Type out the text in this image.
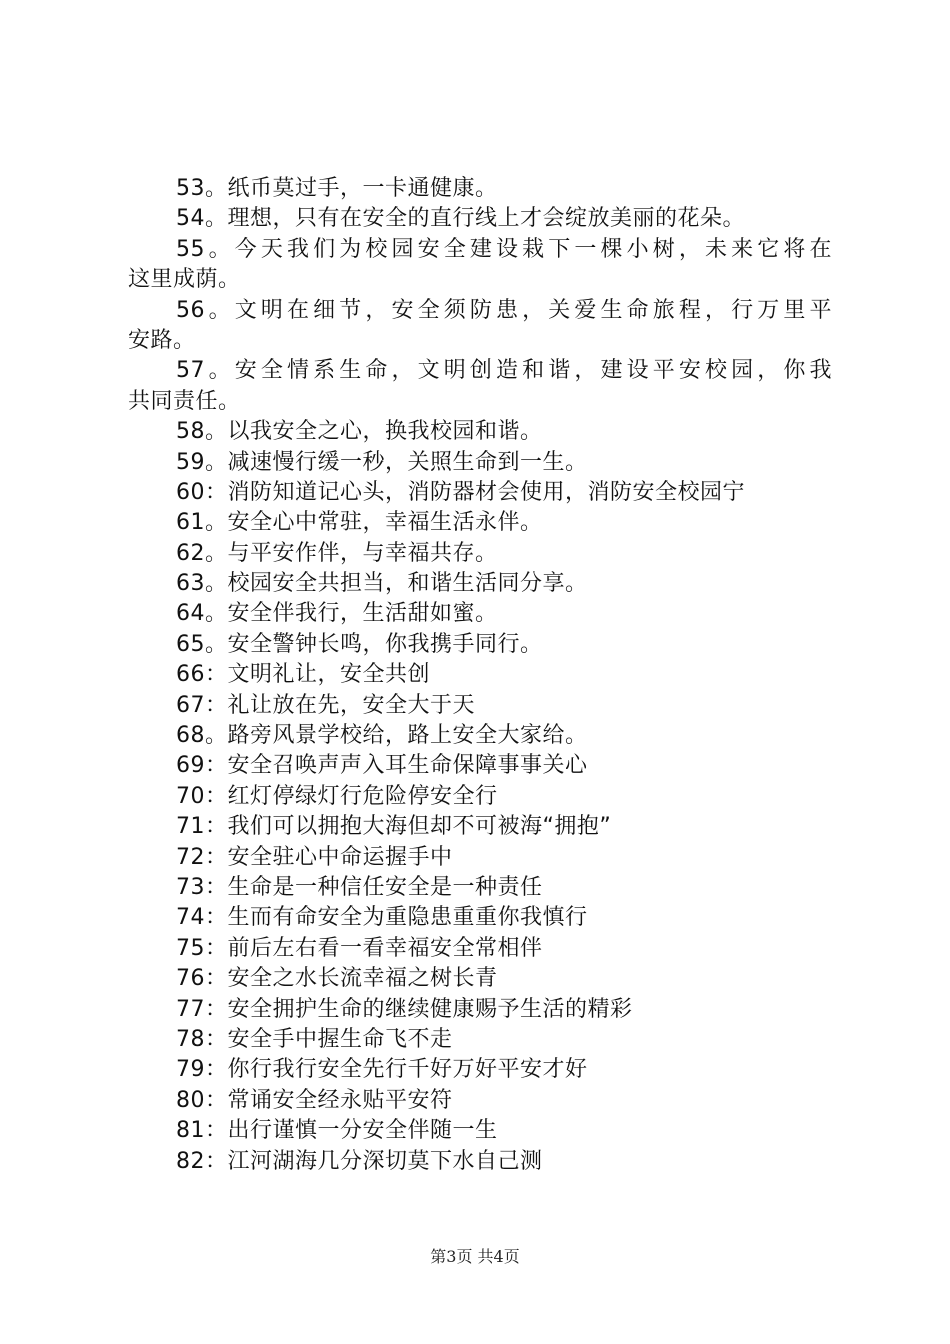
53。纸币莫过手，一卡通健康。
54。理想，只有在安全的直行线上才会绽放美丽的花朵。
55。今天我们为校园安全建设栽下一棵小树，未来它将在
这里成荫。
56。文明在细节，安全须防患，关爱生命旅程，行万里平
安路。
57。安全情系生命，文明创造和谐，建设平安校园，你我
共同责任。
58。以我安全之心，换我校园和谐。
59。减速慢行缓一秒，关照生命到一生。
60：消防知道记心头，消防器材会使用，消防安全校园宁
61。安全心中常驻，幸福生活永伴。
62。与平安作伴，与幸福共存。
63。校园安全共担当，和谐生活同分享。
64。安全伴我行，生活甜如蜜。
65。安全警钟长鸣，你我携手同行。
66：文明礼让，安全共创
67：礼让放在先，安全大于天
68。路旁风景学校给，路上安全大家给。
69：安全召唤声声入耳生命保障事事关心
70：红灯停绿灯行危险停安全行
71：我们可以拥抱大海但却不可被海“拥抱”
72：安全驻心中命运握手中
73：生命是一种信任安全是一种责任
74：生而有命安全为重隐患重重你我慎行
75：前后左右看一看幸福安全常相伴
76：安全之水长流幸福之树长青
77：安全拥护生命的继续健康赐予生活的精彩
78：安全手中握生命飞不走
79：你行我行安全先行千好万好平安才好
80：常诵安全经永贴平安符
81：出行谨慎一分安全伴随一生
82：江河湖海几分深切莫下水自己测
第3页 共4页
